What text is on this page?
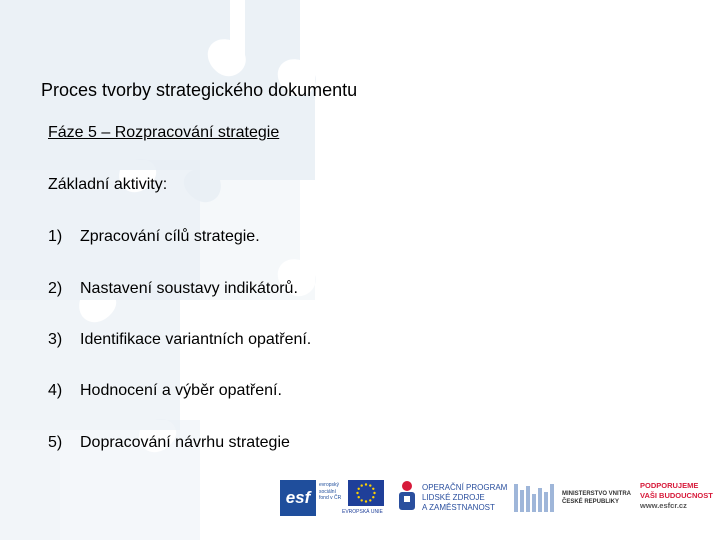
Proces tvorby strategického dokumentu
Fáze 5 – Rozpracování strategie
Základní aktivity:
1) Zpracování cílů strategie.
2) Nastavení soustavy indikátorů.
3) Identifikace variantních opatření.
4) Hodnocení a výběr opatření.
5) Dopracování návrhu strategie
esf
evropský
sociální
fond v ČR
EVROPSKÁ UNIE
OPERAČNÍ PROGRAM
LIDSKÉ ZDROJE
A ZAMĚSTNANOST
MINISTERSTVO VNITRA
ČESKÉ REPUBLIKY
PODPORUJEME
VAŠI BUDOUCNOST
www.esfcr.cz
